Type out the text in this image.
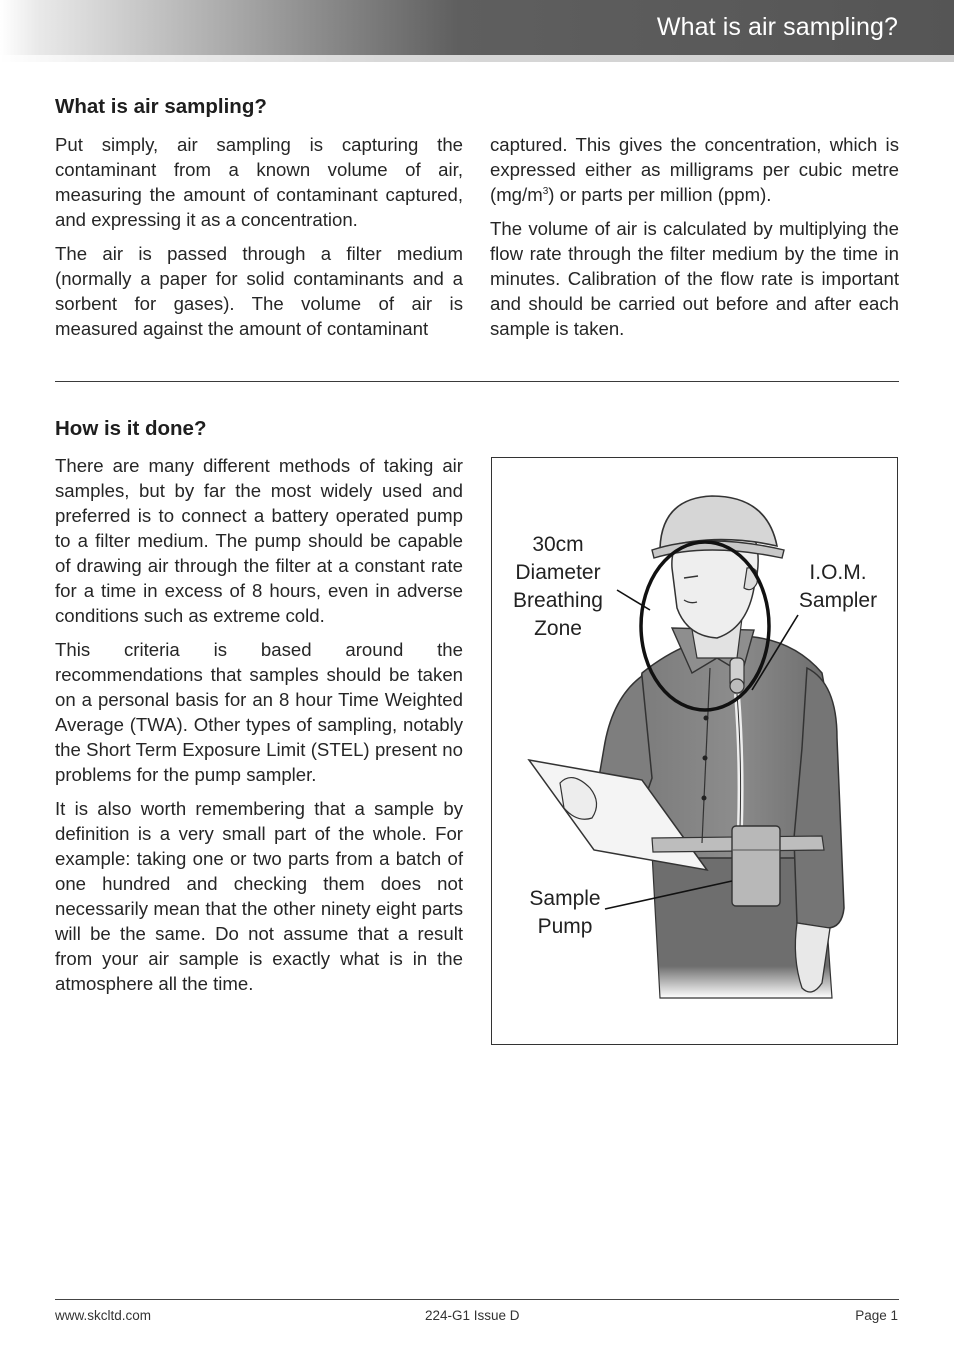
What is air sampling?
What is air sampling?

Put simply, air sampling is capturing the contaminant from a known volume of air, measuring the amount of contaminant captured, and expressing it as a concentration.

The air is passed through a filter medium (normally a paper for solid contaminants and a sorbent for gases). The volume of air is measured against the amount of contaminant

captured. This gives the concentration, which is expressed either as milligrams per cubic metre $(mg/m^3)$ or parts per million (ppm).

The volume of air is calculated by multiplying the flow rate through the filter medium by the time in minutes. Calibration of the flow rate is important and should be carried out before and after each sample is taken.

How is it done?

There are many different methods of taking air samples, but by far the most widely used and preferred is to connect a battery operated pump to a filter medium. The pump should be capable of drawing air through the filter at a constant rate for a time in excess of 8 hours, even in adverse conditions such as extreme cold.

This criteria is based around the recommendations that samples should be taken on a personal basis for an 8 hour Time Weighted Average (TWA). Other types of sampling, notably the Short Term Exposure Limit (STEL) present no problems for the pump sampler.

It is also worth remembering that a sample by definition is a very small part of the whole. For example: taking one or two parts from a batch of one hundred and checking them does not necessarily mean that the other ninety eight parts will be the same. Do not assume that a result from your air sample is exactly what is in the atmosphere all the time.

30cm
Diameter
Breathing
Zone
I.O.M.
Sampler
Sample
Pump
www.skcltd.com	224-G1 Issue D	Page 1
